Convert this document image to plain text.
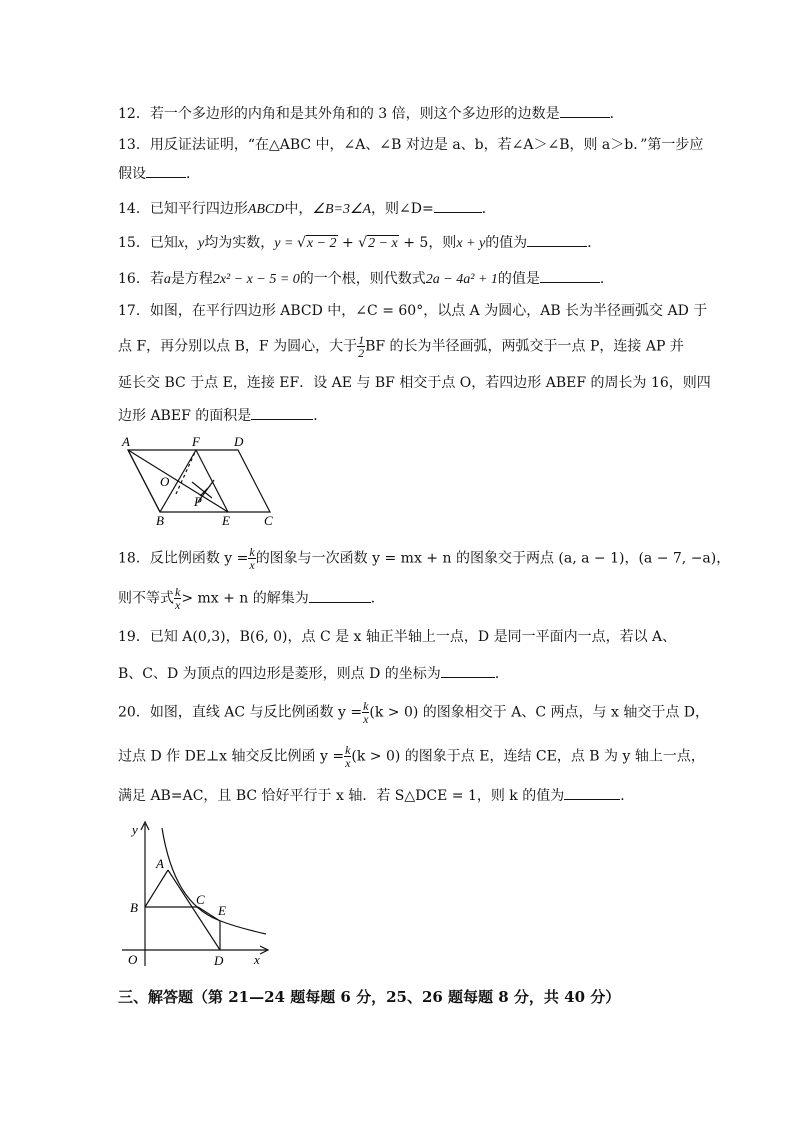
12．若一个多边形的内角和是其外角和的 3 倍，则这个多边形的边数是	．
13．用反证法证明，“在△ABC 中，∠A、∠B 对边是 a、b，若∠A＞∠B，则 a＞b．”第一步应
假设	．
14．已知平行四边形ABCD中，∠B=3∠A，则∠D=	．
15．已知x，y均为实数，y = √x − 2 + √2 − x + 5，则x + y的值为	．
16．若a是方程2x² − x − 5 = 0的一个根，则代数式2a − 4a² + 1的值是	．
17．如图，在平行四边形 ABCD 中，∠C = 60°，以点 A 为圆心，AB 长为半径画弧交 AD 于
点 F，再分别以点 B，F 为圆心，大于 $\frac{1}{2}$ BF 的长为半径画弧，两弧交于一点 P，连接 AP 并
延长交 BC 于点 E，连接 EF．设 AE 与 BF 相交于点 O，若四边形 ABEF 的周长为 16，则四
边形 ABEF 的面积是	．
A	F	D
O
P
B	E	C
18．反比例函数 $y = \frac{k}{x}$ 的图象与一次函数 y = mx + n 的图象交于两点 (a, a − 1)，(a − 7, −a)，
则不等式 $\frac{k}{x}$ > mx + n 的解集为	．
19．已知 A(0,3)，B(6, 0)，点 C 是 x 轴正半轴上一点，D 是同一平面内一点，若以 A、
B、C、D 为顶点的四边形是菱形，则点 D 的坐标为	．
20．如图，直线 AC 与反比例函数 $y = \frac{k}{x} (k > 0)$ 的图象相交于 A、C 两点，与 x 轴交于点 D，
过点 D 作 DE⊥x 轴交反比例函 $y = \frac{k}{x} (k > 0)$ 的图象于点 E，连结 CE，点 B 为 y 轴上一点，
满足 AB=AC，且 BC 恰好平行于 x 轴．若 S△DCE = 1，则 k 的值为	．
y
x
A
B
C
E
O	D
三、解答题（第 21—24 题每题 6 分，25、26 题每题 8 分，共 40 分）
